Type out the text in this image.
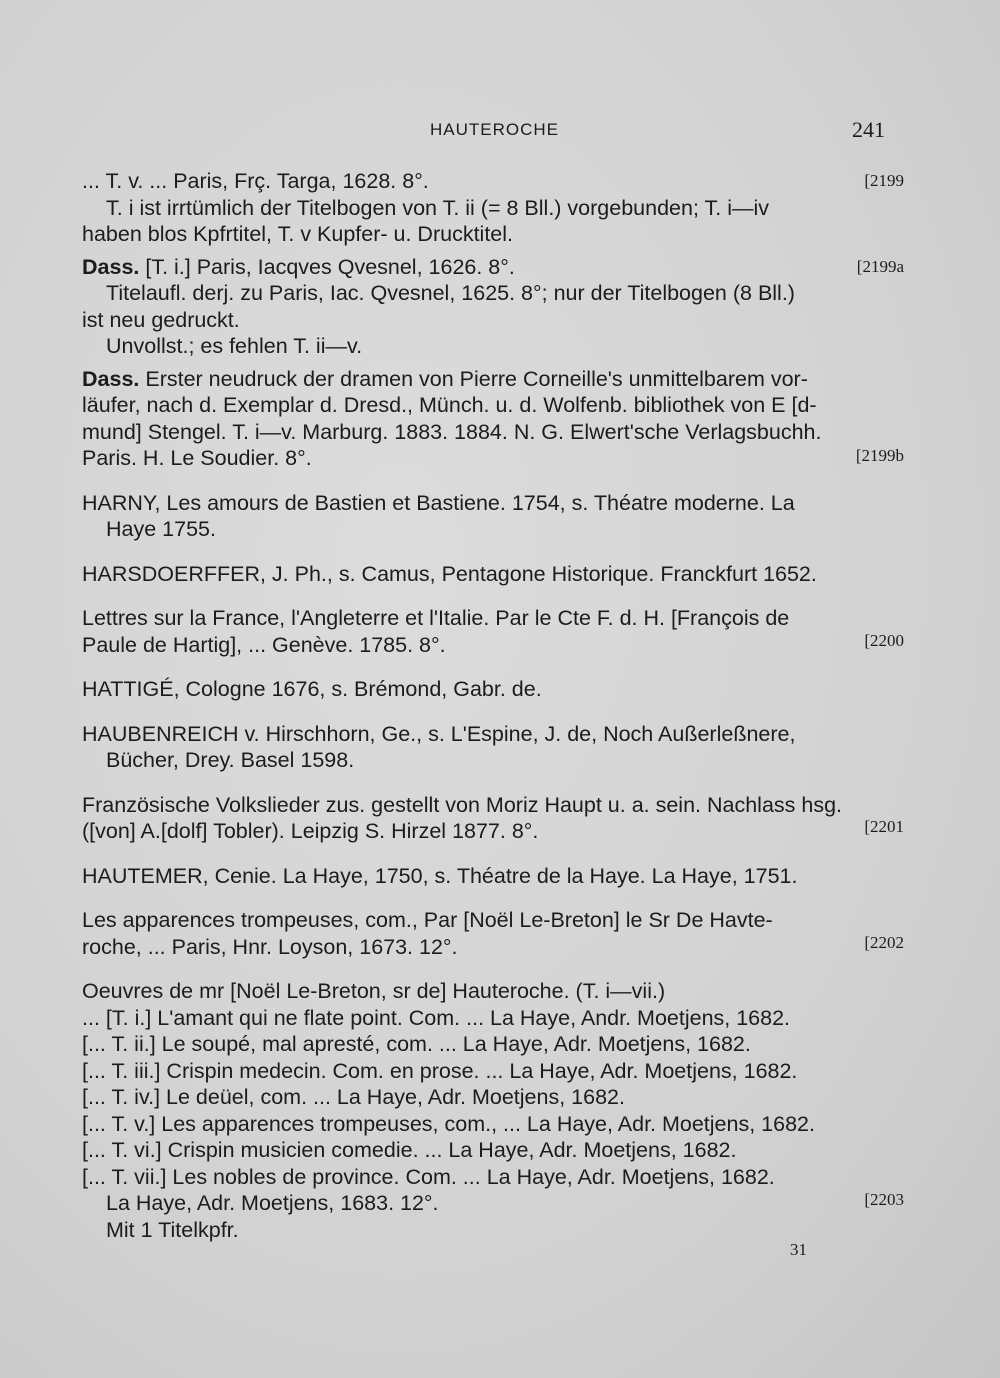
HAUTEROCHE	241
... T. v. ... Paris, Frç. Targa, 1628. 8°.	[2199
T. i ist irrtümlich der Titelbogen von T. ii (= 8 Bll.) vorgebunden; T. i—iv
haben blos Kpfrtitel, T. v Kupfer- u. Drucktitel.
Dass. [T. i.] Paris, Iacqves Qvesnel, 1626. 8°.	[2199a
Titelaufl. derj. zu Paris, Iac. Qvesnel, 1625. 8°; nur der Titelbogen (8 Bll.)
ist neu gedruckt.
Unvollst.; es fehlen T. ii—v.
Dass. Erster neudruck der dramen von Pierre Corneille's unmittelbarem vor-
läufer, nach d. Exemplar d. Dresd., Münch. u. d. Wolfenb. bibliothek von E [d-
mund] Stengel. T. i—v. Marburg. 1883. 1884. N. G. Elwert'sche Verlagsbuchh.
Paris. H. Le Soudier. 8°.	[2199b
HARNY, Les amours de Bastien et Bastiene. 1754, s. Théatre moderne. La
Haye 1755.
HARSDOERFFER, J. Ph., s. Camus, Pentagone Historique. Franckfurt 1652.
Lettres sur la France, l'Angleterre et l'Italie. Par le Cte F. d. H. [François de
Paule de Hartig], ... Genève. 1785. 8°.	[2200
HATTIGÉ, Cologne 1676, s. Brémond, Gabr. de.
HAUBENREICH v. Hirschhorn, Ge., s. L'Espine, J. de, Noch Außerleßnere,
Bücher, Drey. Basel 1598.
Französische Volkslieder zus. gestellt von Moriz Haupt u. a. sein. Nachlass hsg.
([von] A.[dolf] Tobler). Leipzig S. Hirzel 1877. 8°.	[2201
HAUTEMER, Cenie. La Haye, 1750, s. Théatre de la Haye. La Haye, 1751.
Les apparences trompeuses, com., Par [Noël Le-Breton] le Sr De Havte-
roche, ... Paris, Hnr. Loyson, 1673. 12°.	[2202
Oeuvres de mr [Noël Le-Breton, sr de] Hauteroche. (T. i—vii.)
... [T. i.] L'amant qui ne flate point. Com. ... La Haye, Andr. Moetjens, 1682.
[... T. ii.] Le soupé, mal apresté, com. ... La Haye, Adr. Moetjens, 1682.
[... T. iii.] Crispin medecin. Com. en prose. ... La Haye, Adr. Moetjens, 1682.
[... T. iv.] Le deüel, com. ... La Haye, Adr. Moetjens, 1682.
[... T. v.] Les apparences trompeuses, com., ... La Haye, Adr. Moetjens, 1682.
[... T. vi.] Crispin musicien comedie. ... La Haye, Adr. Moetjens, 1682.
[... T. vii.] Les nobles de province. Com. ... La Haye, Adr. Moetjens, 1682.
La Haye, Adr. Moetjens, 1683. 12°.
Mit 1 Titelkpfr.
[2203
31
